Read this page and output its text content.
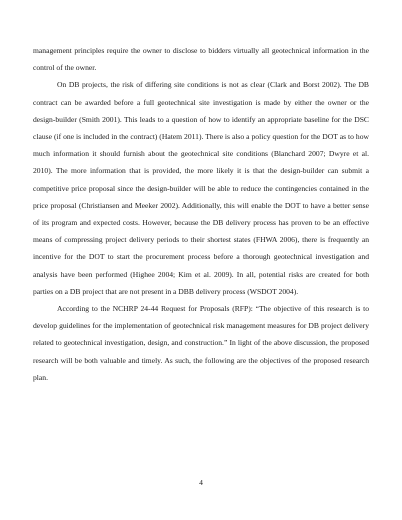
management principles require the owner to disclose to bidders virtually all geotechnical information in the control of the owner.

On DB projects, the risk of differing site conditions is not as clear (Clark and Borst 2002). The DB contract can be awarded before a full geotechnical site investigation is made by either the owner or the design-builder (Smith 2001). This leads to a question of how to identify an appropriate baseline for the DSC clause (if one is included in the contract) (Hatem 2011). There is also a policy question for the DOT as to how much information it should furnish about the geotechnical site conditions (Blanchard 2007; Dwyre et al. 2010). The more information that is provided, the more likely it is that the design-builder can submit a competitive price proposal since the design-builder will be able to reduce the contingencies contained in the price proposal (Christiansen and Meeker 2002). Additionally, this will enable the DOT to have a better sense of its program and expected costs. However, because the DB delivery process has proven to be an effective means of compressing project delivery periods to their shortest states (FHWA 2006), there is frequently an incentive for the DOT to start the procurement process before a thorough geotechnical investigation and analysis have been performed (Highee 2004; Kim et al. 2009). In all, potential risks are created for both parties on a DB project that are not present in a DBB delivery process (WSDOT 2004).

According to the NCHRP 24-44 Request for Proposals (RFP): “The objective of this research is to develop guidelines for the implementation of geotechnical risk management measures for DB project delivery related to geotechnical investigation, design, and construction.” In light of the above discussion, the proposed research will be both valuable and timely. As such, the following are the objectives of the proposed research plan.

4
